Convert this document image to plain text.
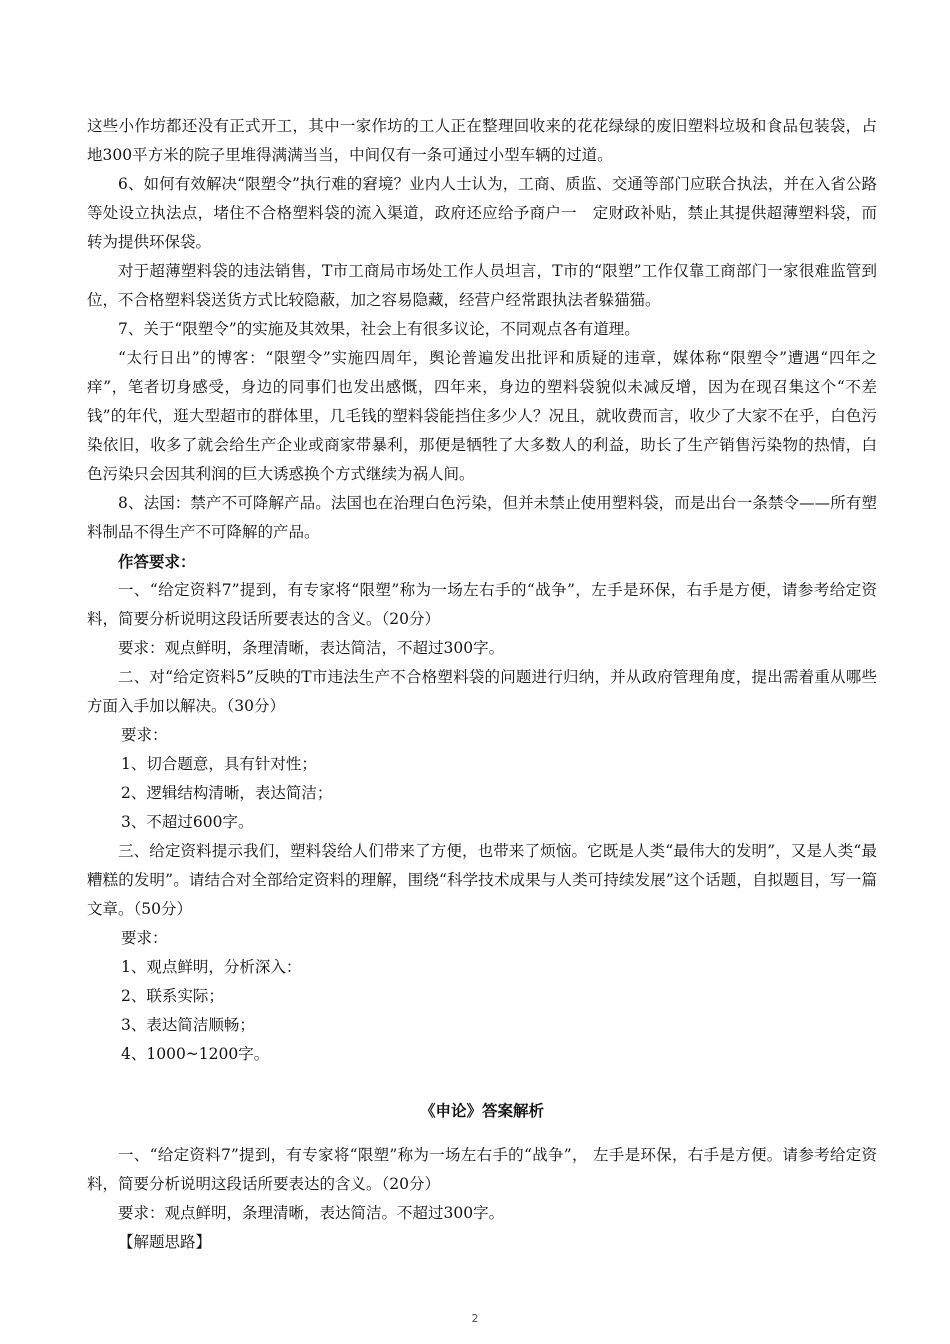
这些小作坊都还没有正式开工，其中一家作坊的工人正在整理回收来的花花绿绿的废旧塑料垃圾和食品包装袋，占地300平方米的院子里堆得满满当当，中间仅有一条可通过小型车辆的过道。

6、如何有效解决“限塑令”执行难的窘境？业内人士认为，工商、质监、交通等部门应联合执法，并在入省公路等处设立执法点，堵住不合格塑料袋的流入渠道，政府还应给予商户一　定财政补贴，禁止其提供超薄塑料袋，而转为提供环保袋。

对于超薄塑料袋的违法销售，T市工商局市场处工作人员坦言，T市的“限塑”工作仅靠工商部门一家很难监管到位，不合格塑料袋送货方式比较隐蔽，加之容易隐藏，经营户经常跟执法者躲猫猫。

7、关于“限塑令”的实施及其效果，社会上有很多议论，不同观点各有道理。

“太行日出”的博客：“限塑令”实施四周年，舆论普遍发出批评和质疑的违章，媒体称“限塑令”遭遇“四年之痒”，笔者切身感受，身边的同事们也发出感慨，四年来，身边的塑料袋貌似未减反增，因为在现召集这个“不差钱”的年代，逛大型超市的群体里，几毛钱的塑料袋能挡住多少人？况且，就收费而言，收少了大家不在乎，白色污染依旧，收多了就会给生产企业或商家带暴利，那便是牺牲了大多数人的利益，助长了生产销售污染物的热情，白色污染只会因其利润的巨大诱惑换个方式继续为祸人间。

8、法国：禁产不可降解产品。法国也在治理白色污染，但并未禁止使用塑料袋，而是出台一条禁令——所有塑料制品不得生产不可降解的产品。

作答要求：

一、“给定资料7”提到，有专家将“限塑”称为一场左右手的“战争”，左手是环保，右手是方便，请参考给定资料，简要分析说明这段话所要表达的含义。（20分）

要求：观点鲜明，条理清晰，表达简洁，不超过300字。

二、对“给定资料5”反映的T市违法生产不合格塑料袋的问题进行归纳，并从政府管理角度，提出需着重从哪些方面入手加以解决。（30分）

要求：

1、切合题意，具有针对性；

2、逻辑结构清晰，表达简洁；

3、不超过600字。

三、给定资料提示我们，塑料袋给人们带来了方便，也带来了烦恼。它既是人类“最伟大的发明”，又是人类“最糟糕的发明”。请结合对全部给定资料的理解，围绕“科学技术成果与人类可持续发展”这个话题，自拟题目，写一篇文章。（50分）

要求：

1、观点鲜明，分析深入：

2、联系实际；

3、表达简洁顺畅；

4、1000~1200字。

《申论》答案解析

一、“给定资料7”提到，有专家将“限塑”称为一场左右手的“战争”， 左手是环保，右手是方便。请参考给定资料，简要分析说明这段话所要表达的含义。（20分）

要求：观点鲜明，条理清晰，表达简洁。不超过300字。

【解题思路】

2
